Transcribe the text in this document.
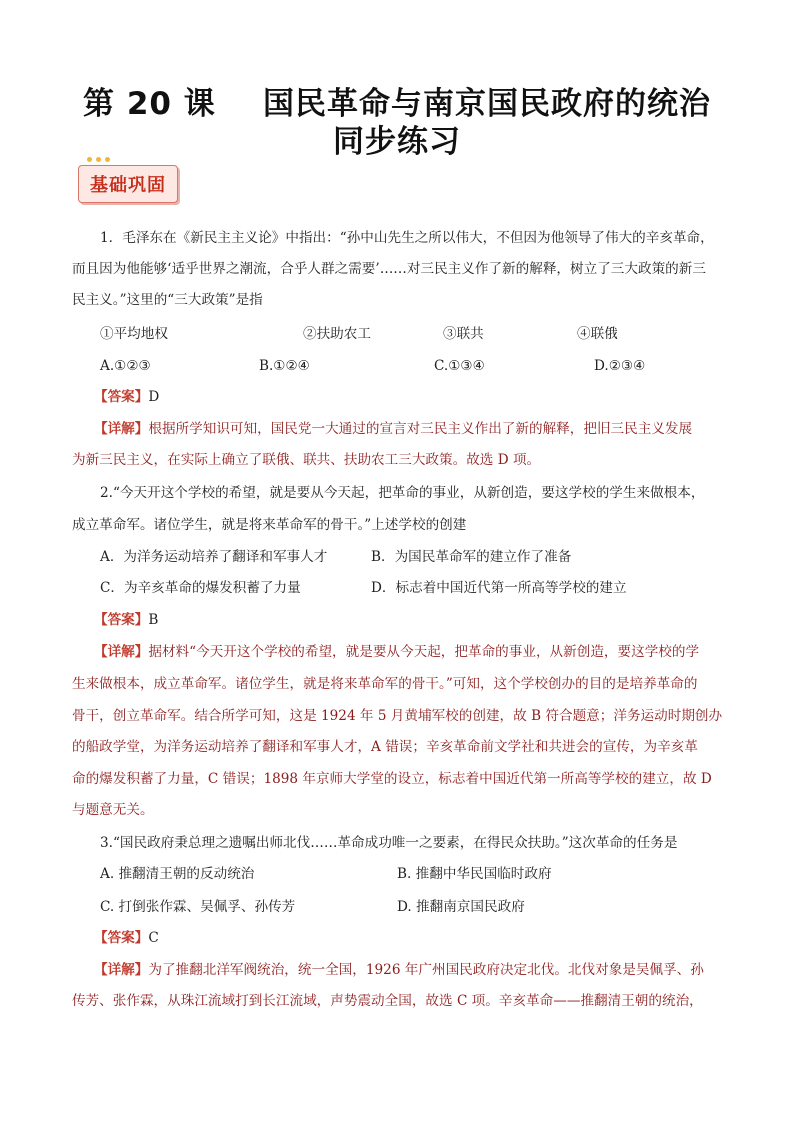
第 20 课    国民革命与南京国民政府的统治
同步练习
基础巩固
1．毛泽东在《新民主主义论》中指出：“孙中山先生之所以伟大，不但因为他领导了伟大的辛亥革命，
而且因为他能够‘适乎世界之潮流，合乎人群之需要’……对三民主义作了新的解释，树立了三大政策的新三
民主义。”这里的“三大政策”是指
①平均地权	②扶助农工	③联共	④联俄
A.①②③	B.①②④	C.①③④	D.②③④
【答案】D
【详解】根据所学知识可知，国民党一大通过的宣言对三民主义作出了新的解释，把旧三民主义发展
为新三民主义，在实际上确立了联俄、联共、扶助农工三大政策。故选 D 项。
2.“今天开这个学校的希望，就是要从今天起，把革命的事业，从新创造，要这学校的学生来做根本，
成立革命军。诸位学生，就是将来革命军的骨干。”上述学校的创建
A．为洋务运动培养了翻译和军事人才	B．为国民革命军的建立作了准备
C．为辛亥革命的爆发积蓄了力量	D．标志着中国近代第一所高等学校的建立
【答案】B
【详解】据材料“今天开这个学校的希望，就是要从今天起，把革命的事业，从新创造，要这学校的学
生来做根本，成立革命军。诸位学生，就是将来革命军的骨干。”可知，这个学校创办的目的是培养革命的
骨干，创立革命军。结合所学可知，这是 1924 年 5 月黄埔军校的创建，故 B 符合题意；洋务运动时期创办
的船政学堂，为洋务运动培养了翻译和军事人才，A 错误；辛亥革命前文学社和共进会的宣传，为辛亥革
命的爆发积蓄了力量，C 错误；1898 年京师大学堂的设立，标志着中国近代第一所高等学校的建立，故 D
与题意无关。
3.“国民政府秉总理之遗嘱出师北伐……革命成功唯一之要素，在得民众扶助。”这次革命的任务是
A. 推翻清王朝的反动统治	B. 推翻中华民国临时政府
C. 打倒张作霖、吴佩孚、孙传芳	D. 推翻南京国民政府
【答案】C
【详解】为了推翻北洋军阀统治，统一全国，1926 年广州国民政府决定北伐。北伐对象是吴佩孚、孙
传芳、张作霖，从珠江流域打到长江流域，声势震动全国，故选 C 项。辛亥革命——推翻清王朝的统治，
